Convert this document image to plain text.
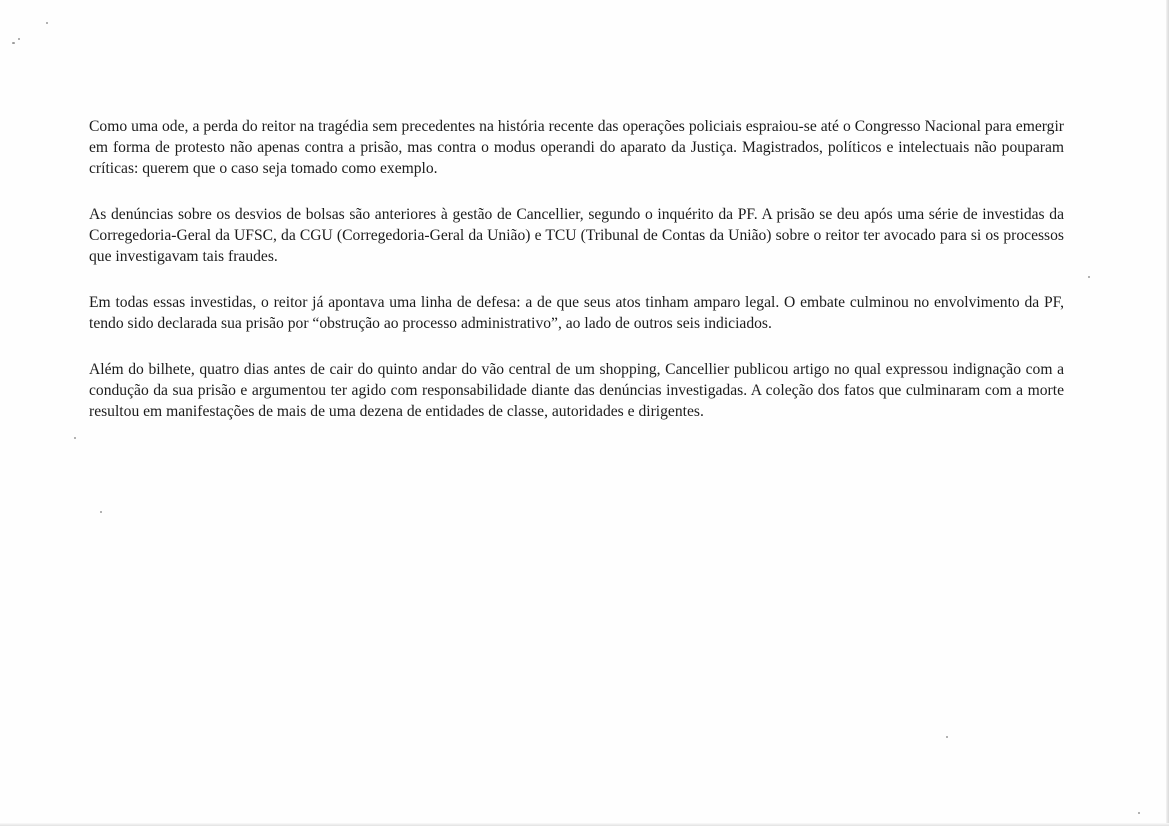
Como uma ode, a perda do reitor na tragédia sem precedentes na história recente das operações policiais espraiou-se até o Congresso Nacional para emergir em forma de protesto não apenas contra a prisão, mas contra o modus operandi do aparato da Justiça. Magistrados, políticos e intelectuais não pouparam críticas: querem que o caso seja tomado como exemplo.

As denúncias sobre os desvios de bolsas são anteriores à gestão de Cancellier, segundo o inquérito da PF. A prisão se deu após uma série de investidas da Corregedoria-Geral da UFSC, da CGU (Corregedoria-Geral da União) e TCU (Tribunal de Contas da União) sobre o reitor ter avocado para si os processos que investigavam tais fraudes.

Em todas essas investidas, o reitor já apontava uma linha de defesa: a de que seus atos tinham amparo legal. O embate culminou no envolvimento da PF, tendo sido declarada sua prisão por “obstrução ao processo administrativo”, ao lado de outros seis indiciados.

Além do bilhete, quatro dias antes de cair do quinto andar do vão central de um shopping, Cancellier publicou artigo no qual expressou indignação com a condução da sua prisão e argumentou ter agido com responsabilidade diante das denúncias investigadas. A coleção dos fatos que culminaram com a morte resultou em manifestações de mais de uma dezena de entidades de classe, autoridades e dirigentes.
